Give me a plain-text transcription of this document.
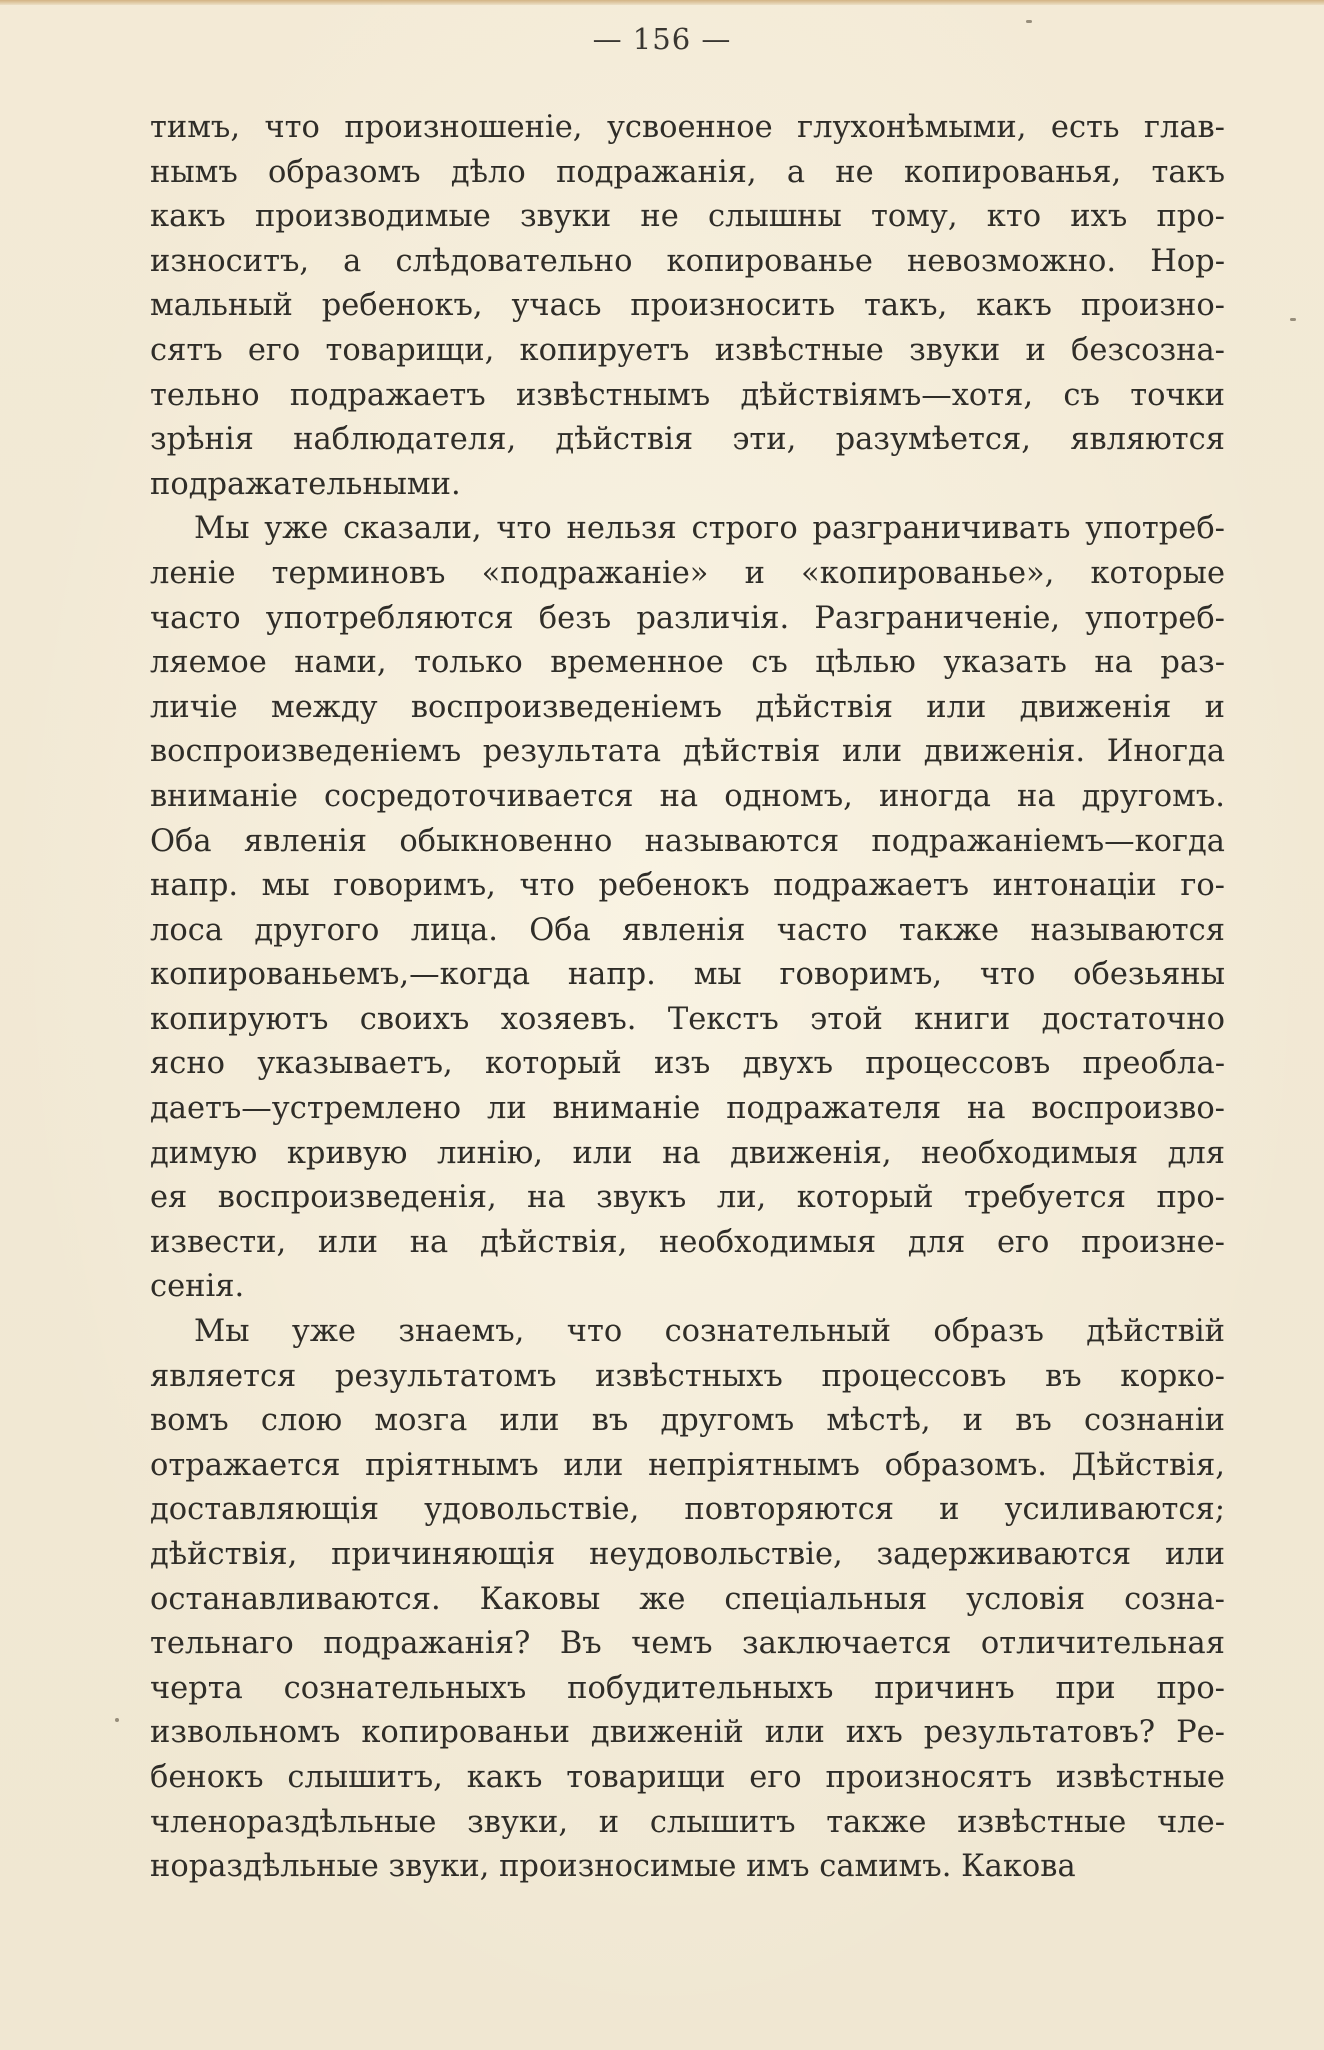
— 156 —
тимъ, что произношеніе, усвоенное глухонѣмыми, есть глав-
нымъ образомъ дѣло подражанія, а не копированья, такъ
какъ производимые звуки не слышны тому, кто ихъ про-
износитъ, а слѣдовательно копированье невозможно. Нор-
мальный ребенокъ, учась произносить такъ, какъ произно-
сятъ его товарищи, копируетъ извѣстные звуки и безсозна-
тельно подражаетъ извѣстнымъ дѣйствіямъ—хотя, съ точки
зрѣнія наблюдателя, дѣйствія эти, разумѣется, являются
подражательными.
Мы уже сказали, что нельзя строго разграничивать употреб-
леніе терминовъ «подражаніе» и «копированье», которые
часто употребляются безъ различія. Разграниченіе, употреб-
ляемое нами, только временное съ цѣлью указать на раз-
личіе между воспроизведеніемъ дѣйствія или движенія и
воспроизведеніемъ результата дѣйствія или движенія. Иногда
вниманіе сосредоточивается на одномъ, иногда на другомъ.
Оба явленія обыкновенно называются подражаніемъ—когда
напр. мы говоримъ, что ребенокъ подражаетъ интонаціи го-
лоса другого лица. Оба явленія часто также называются
копированьемъ,—когда напр. мы говоримъ, что обезьяны
копируютъ своихъ хозяевъ. Текстъ этой книги достаточно
ясно указываетъ, который изъ двухъ процессовъ преобла-
даетъ—устремлено ли вниманіе подражателя на воспроизво-
димую кривую линію, или на движенія, необходимыя для
ея воспроизведенія, на звукъ ли, который требуется про-
извести, или на дѣйствія, необходимыя для его произне-
сенія.
Мы уже знаемъ, что сознательный образъ дѣйствій
является результатомъ извѣстныхъ процессовъ въ корко-
вомъ слою мозга или въ другомъ мѣстѣ, и въ сознаніи
отражается пріятнымъ или непріятнымъ образомъ. Дѣйствія,
доставляющія удовольствіе, повторяются и усиливаются;
дѣйствія, причиняющія неудовольствіе, задерживаются или
останавливаются. Каковы же спеціальныя условія созна-
тельнаго подражанія? Въ чемъ заключается отличительная
черта сознательныхъ побудительныхъ причинъ при про-
извольномъ копированьи движеній или ихъ результатовъ? Ре-
бенокъ слышитъ, какъ товарищи его произносятъ извѣстные
членораздѣльные звуки, и слышитъ также извѣстные чле-
нораздѣльные звуки, произносимые имъ самимъ. Какова
